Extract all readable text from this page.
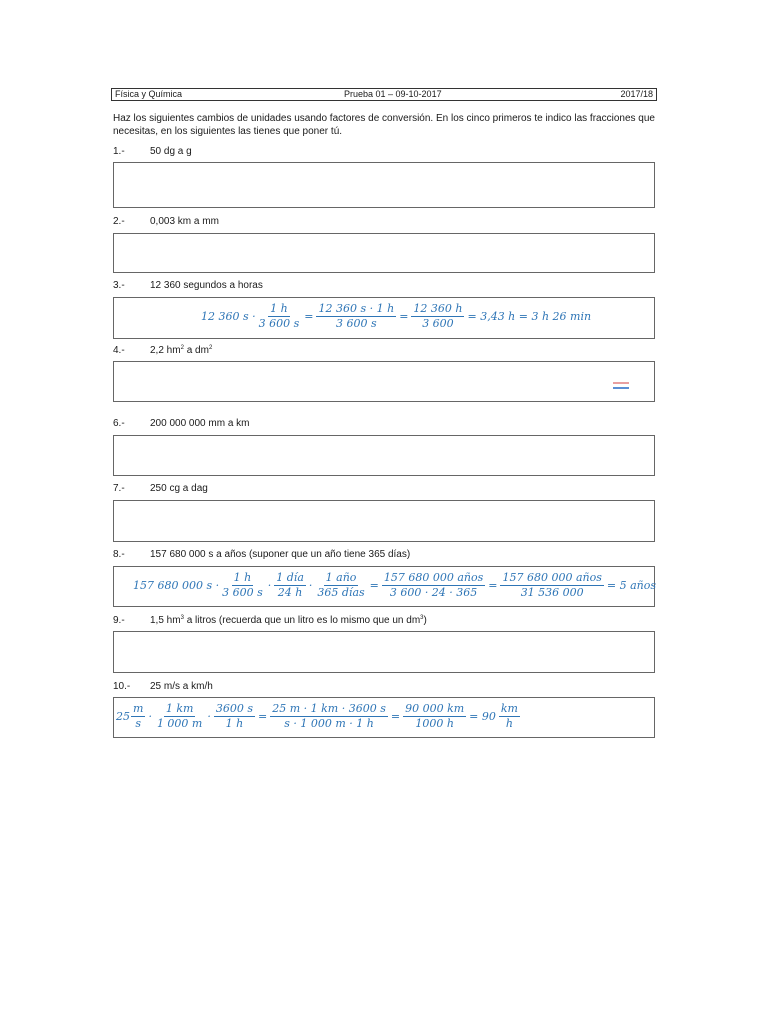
Física y Química	Prueba 01 – 09-10-2017	2017/18
Haz los siguientes cambios de unidades usando factores de conversión. En los cinco primeros te indico las fracciones que necesitas, en los siguientes las tienes que poner tú.
1.-	50 dg a g
2.-	0,003 km a mm
3.-	12 360 segundos a horas
12 360 $s \cdot \frac{1 h}{3 600 s} = \frac{12 360 s \cdot 1 h}{3 600 s} = \frac{12 360 h}{3 600} = 3,43$ h = 3 h 26 min
4.-	2,2 $hm^2$ a $dm^2$
6.-	200 000 000 mm a km
7.-	250 cg a dag
8.-	157 680 000 s a años (suponer que un año tiene 365 días)
157 680 000 $s \cdot \frac{1 h}{3 600 s} \cdot \frac{\text{1 día}}{24 h} \cdot \frac{\text{1 año}}{\text{365 días}} = \frac{\text{157 680 000 años}}{3 600 \cdot 24 \cdot 365} = \frac{\text{157 680 000 años}}{31 536 000} = 5$ años
9.-	1,5 $hm^3$ a litros (recuerda que un litro es lo mismo que un $dm^3$)
10.- 25 m/s a km/h
$25 \frac{m}{s} \cdot \frac{1 km}{1 000 m} \cdot \frac{3600 s}{1 h} = \frac{25 m \cdot 1 km \cdot 3600 s}{s \cdot 1 000 m \cdot 1 h} = \frac{90 000 km}{1000 h} = 90 \frac{km}{h}$
